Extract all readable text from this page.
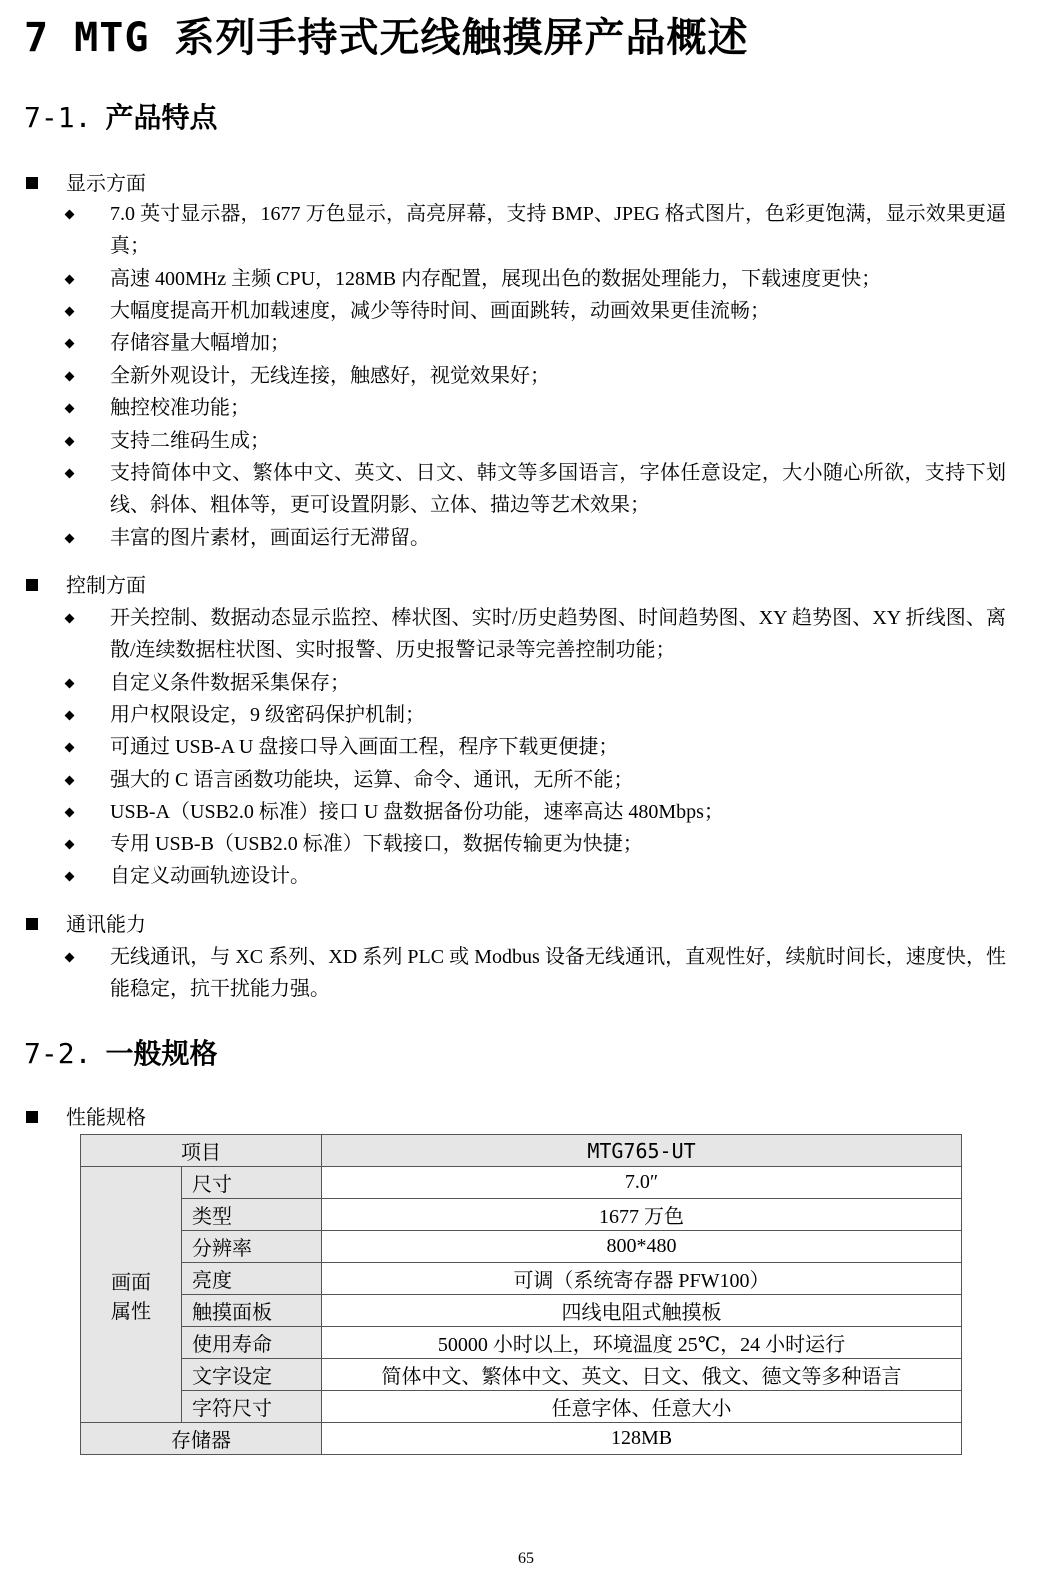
7 MTG 系列手持式无线触摸屏产品概述
7-1. 产品特点
显示方面
7.0 英寸显示器，1677 万色显示，高亮屏幕，支持 BMP、JPEG 格式图片，色彩更饱满，显示效果更逼真；
高速 400MHz 主频 CPU，128MB 内存配置，展现出色的数据处理能力，下载速度更快；
大幅度提高开机加载速度，减少等待时间、画面跳转，动画效果更佳流畅；
存储容量大幅增加；
全新外观设计，无线连接，触感好，视觉效果好；
触控校准功能；
支持二维码生成；
支持简体中文、繁体中文、英文、日文、韩文等多国语言，字体任意设定，大小随心所欲，支持下划线、斜体、粗体等，更可设置阴影、立体、描边等艺术效果；
丰富的图片素材，画面运行无滞留。
控制方面
开关控制、数据动态显示监控、棒状图、实时/历史趋势图、时间趋势图、XY 趋势图、XY 折线图、离散/连续数据柱状图、实时报警、历史报警记录等完善控制功能；
自定义条件数据采集保存；
用户权限设定，9 级密码保护机制；
可通过 USB-A U 盘接口导入画面工程，程序下载更便捷；
强大的 C 语言函数功能块，运算、命令、通讯，无所不能；
USB-A（USB2.0 标准）接口 U 盘数据备份功能，速率高达 480Mbps；
专用 USB-B（USB2.0 标准）下载接口，数据传输更为快捷；
自定义动画轨迹设计。
通讯能力
无线通讯，与 XC 系列、XD 系列 PLC 或 Modbus 设备无线通讯，直观性好，续航时间长，速度快，性能稳定，抗干扰能力强。
7-2. 一般规格
性能规格
项目		MTG765-UT

画面
属性	尺寸	7.0″
	类型	1677 万色
	分辨率	800*480
	亮度	可调（系统寄存器 PFW100）
	触摸面板	四线电阻式触摸板
	使用寿命	50000 小时以上，环境温度 25℃，24 小时运行
	文字设定	简体中文、繁体中文、英文、日文、俄文、德文等多种语言
	字符尺寸	任意字体、任意大小
存储器		128MB
65
